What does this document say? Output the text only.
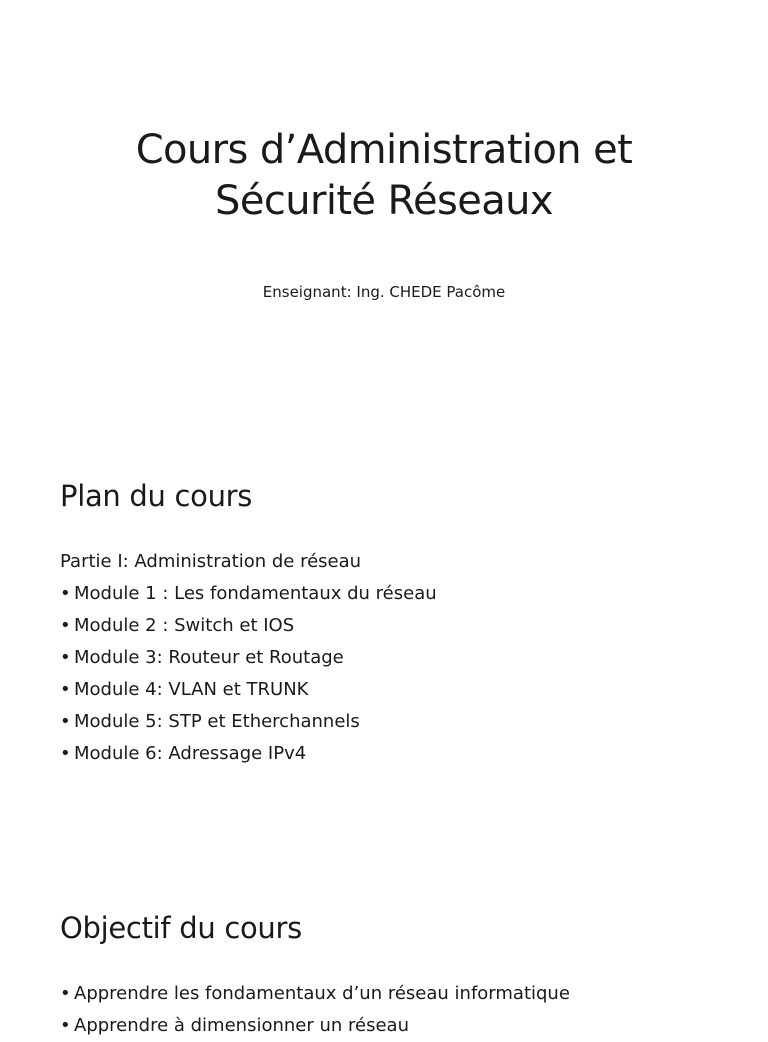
Cours d’Administration et
Sécurité Réseaux
Enseignant: Ing. CHEDE Pacôme
Plan du cours
Partie I: Administration de réseau
• Module 1 : Les fondamentaux du réseau
• Module 2 : Switch et IOS
• Module 3: Routeur et Routage
• Module 4: VLAN et TRUNK
• Module 5: STP et Etherchannels
• Module 6: Adressage IPv4
Objectif du cours
• Apprendre les fondamentaux d’un réseau informatique
• Apprendre à dimensionner un réseau
